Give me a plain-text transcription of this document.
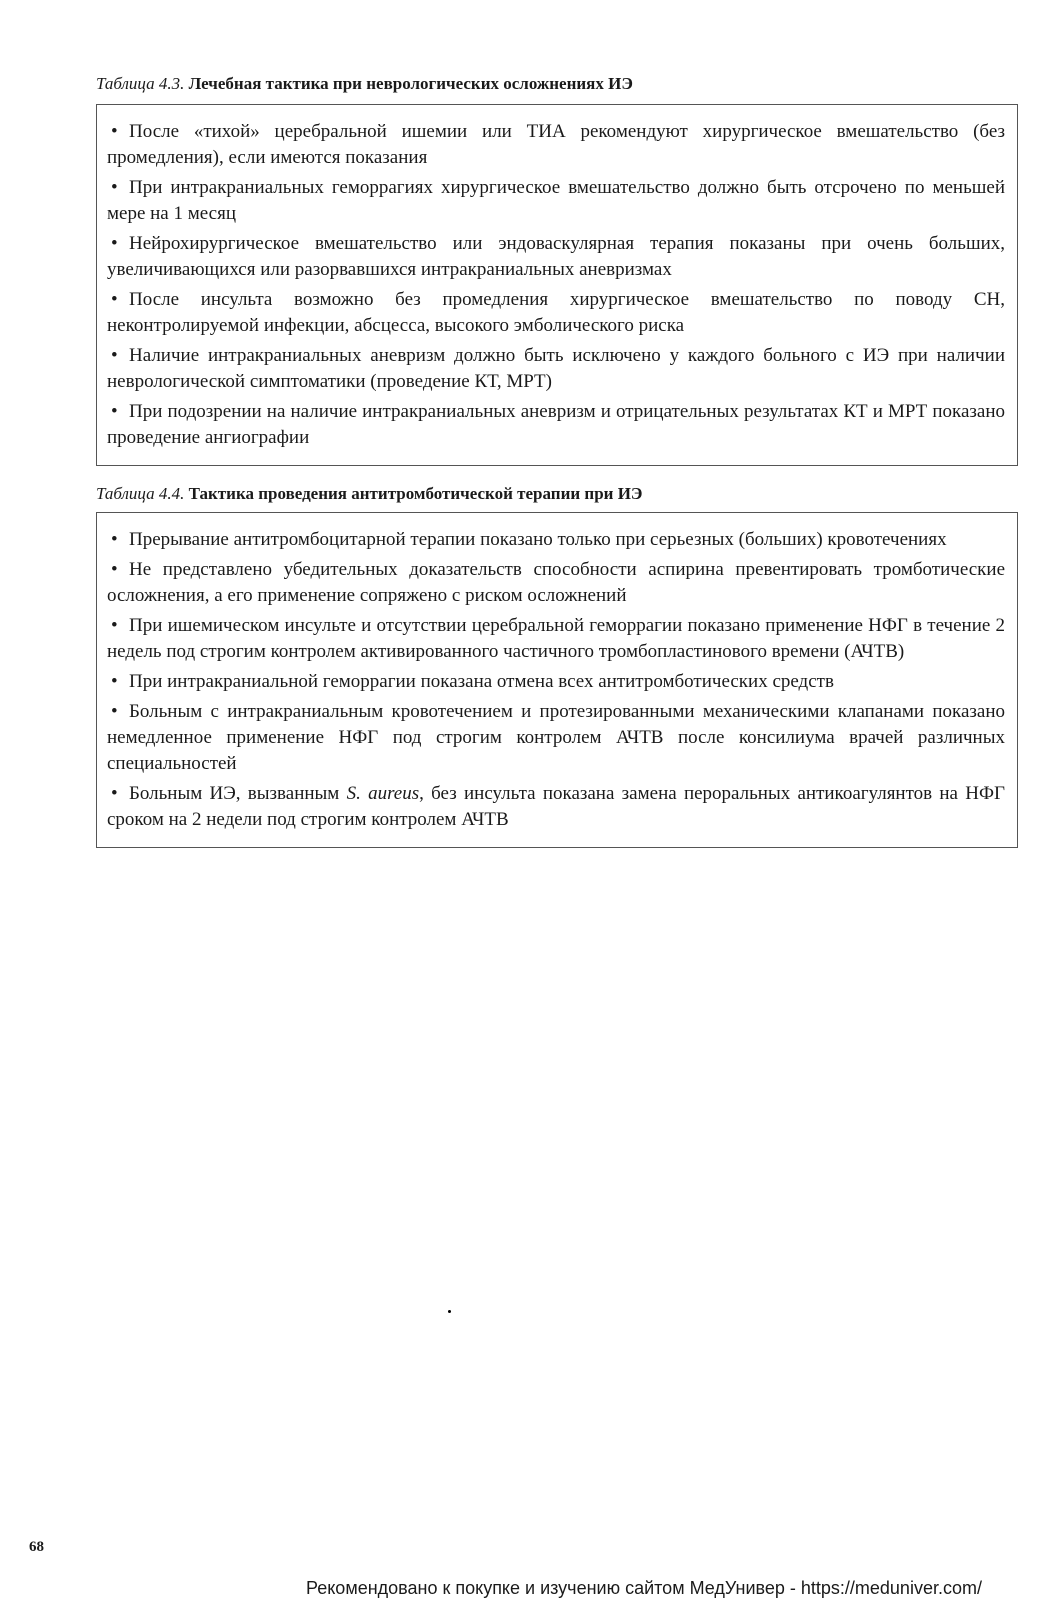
Таблица 4.3. Лечебная тактика при неврологических осложнениях ИЭ
• После «тихой» церебральной ишемии или ТИА рекомендуют хирургическое вмешательство (без промедления), если имеются показания
• При интракраниальных геморрагиях хирургическое вмешательство должно быть отсрочено по меньшей мере на 1 месяц
• Нейрохирургическое вмешательство или эндоваскулярная терапия показаны при очень больших, увеличивающихся или разорвавшихся интракраниальных аневризмах
• После инсульта возможно без промедления хирургическое вмешательство по поводу СН, неконтролируемой инфекции, абсцесса, высокого эмболического риска
• Наличие интракраниальных аневризм должно быть исключено у каждого больного с ИЭ при наличии неврологической симптоматики (проведение КТ, МРТ)
• При подозрении на наличие интракраниальных аневризм и отрицательных результатах КТ и МРТ показано проведение ангиографии
Таблица 4.4. Тактика проведения антитромботической терапии при ИЭ
• Прерывание антитромбоцитарной терапии показано только при серьезных (больших) кровотечениях
• Не представлено убедительных доказательств способности аспирина превентировать тромботические осложнения, а его применение сопряжено с риском осложнений
• При ишемическом инсульте и отсутствии церебральной геморрагии показано применение НФГ в течение 2 недель под строгим контролем активированного частичного тромбопластинового времени (АЧТВ)
• При интракраниальной геморрагии показана отмена всех антитромботических средств
• Больным с интракраниальным кровотечением и протезированными механическими клапанами показано немедленное применение НФГ под строгим контролем АЧТВ после консилиума врачей различных специальностей
• Больным ИЭ, вызванным S. aureus, без инсульта показана замена пероральных антикоагулянтов на НФГ сроком на 2 недели под строгим контролем АЧТВ
68
Рекомендовано к покупке и изучению сайтом МедУнивер - https://meduniver.com/
